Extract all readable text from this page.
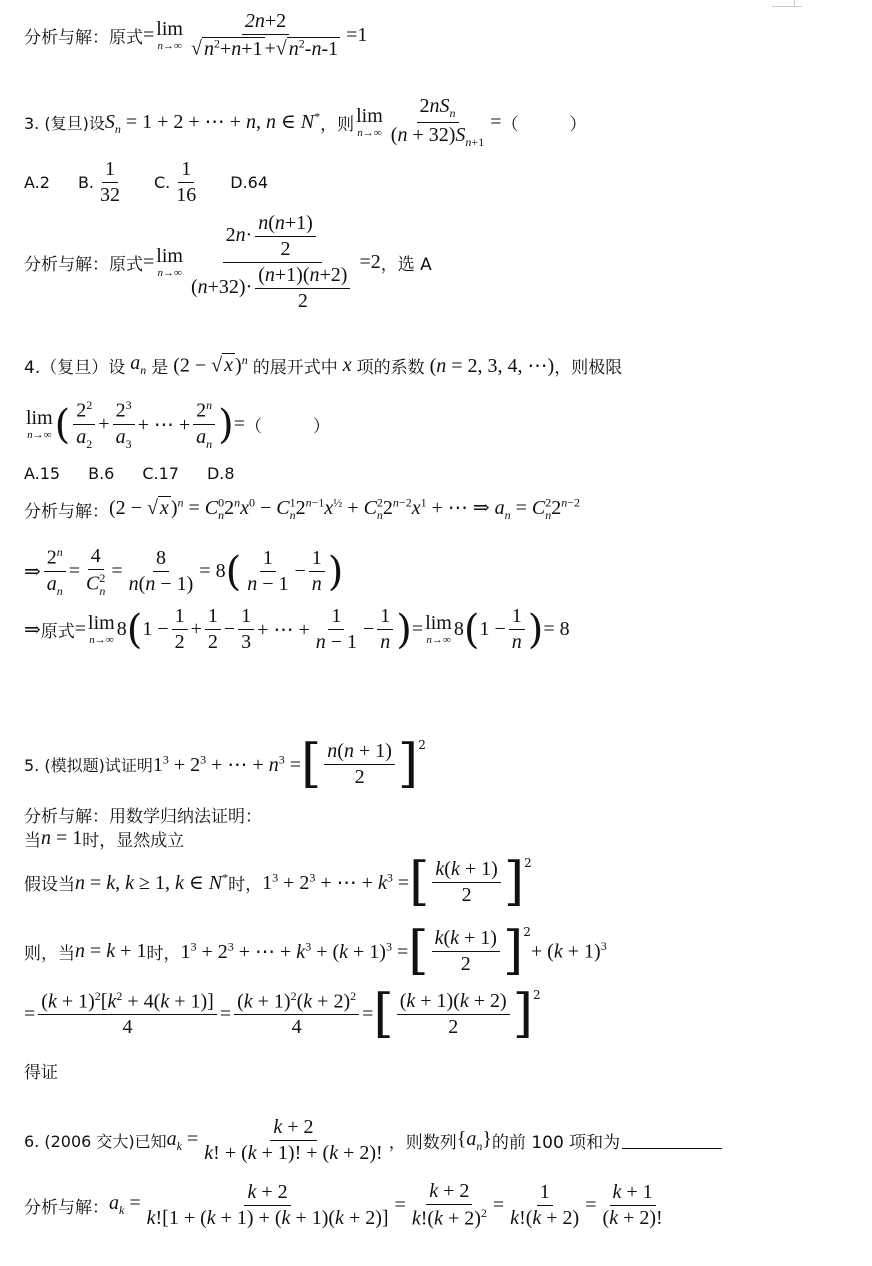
分析与解： 原式 = lim
$n\to\infty \frac{2n+2}{√ n^2+n+1 +√ n^2-n-1} =1$
3. (复旦)设 $S_n = 1 + 2$ + ⋯ + n, n ∈ N* ，则 lim
$n\to\infty \frac{2nS_n}{(n + 32)S_{n+1}}$ = （　　　）
A.2 B. $\frac{1}{32} C$. $\frac{1}{16} D.64$
分析与解： 原式 = lim
$n\to\infty \frac{2n\cdot \frac{n(n+1)}{2}}{(n+32)\cdot \frac{(n+1)(n+2)}{2}} =2$ ，选 A
4.（复旦）设 $a_n$ 是 (2 − √ x )$^n$ 的展开式中 x 项的系数 (n = 2, 3, 4, ⋯) ，则极限
lim
n→∞ ( $\frac{2^2}{a_2} + \frac{2^3}{a_3}$ + ⋯ + $\frac{2^n}{a_n}$ ) = （　　　）
A.15 B.6 C.17 D.8
分析与解： (2 − √ x )$^n = C^0_n2^nx^0 - C^1_n2^{n-1}x^{\frac{1}{2}} + C^2_n2^{n-2}x^1$ + ⋯ ⇒ $a_n = C^2_n2^{n-2}$
⇒ $\frac{2^n}{a_n} = \frac{4}{C^2_n} = \frac{8}{n(n - 1)} = 8$ ( $\frac{1}{n - 1} - \frac{1}{n}$ )
⇒ 原式 = lim
n→∞ 8 ( $1 - \frac{1}{2} + \frac{1}{2} - \frac{1}{3}$ + ⋯ + $\frac{1}{n - 1} - \frac{1}{n}$ ) = lim
n→∞ 8 ( $1 - \frac{1}{n}$ ) = 8
5. (模拟题)试证明 $1^3 + 2^3$ + ⋯ + $n^3$ = [ $\frac{n(n + 1)}{2} ]^2$
分析与解： 用数学归纳法证明：
当 n = 1 时，显然成立
假设当 n = k, k ≥ 1, k ∈ N* 时， $1^3 + 2^3$ + ⋯ + $k^3$ = [ $\frac{k(k + 1)}{2} ]^2$
则，当 n = k + 1 时， $1^3 + 2^3$ + ⋯ + $k^3 + (k + 1)^3$ = [ $\frac{k(k + 1)}{2} ]^2$
+ $(k + 1)^3$
= $\frac{(k + 1)^2[k^2 + 4(k + 1)]}{4} = \frac{(k + 1)^2(k + 2)^2}{4}$ = [ $\frac{(k + 1)(k + 2)}{2} ]^2$
得证
6. (2006 交大)已知 $a_k = \frac{k + 2}{k! + (k + 1)! + (k + 2)!}$ ，则数列 $\{a_n\}$ 的前 100 项和为
分析与解： $a_k = \frac{k + 2}{k![1 + (k + 1) + (k + 1)(k + 2)]} = \frac{k + 2}{k!(k + 2)^2} = \frac{1}{k!(k + 2)} = \frac{k + 1}{(k + 2)!}$
